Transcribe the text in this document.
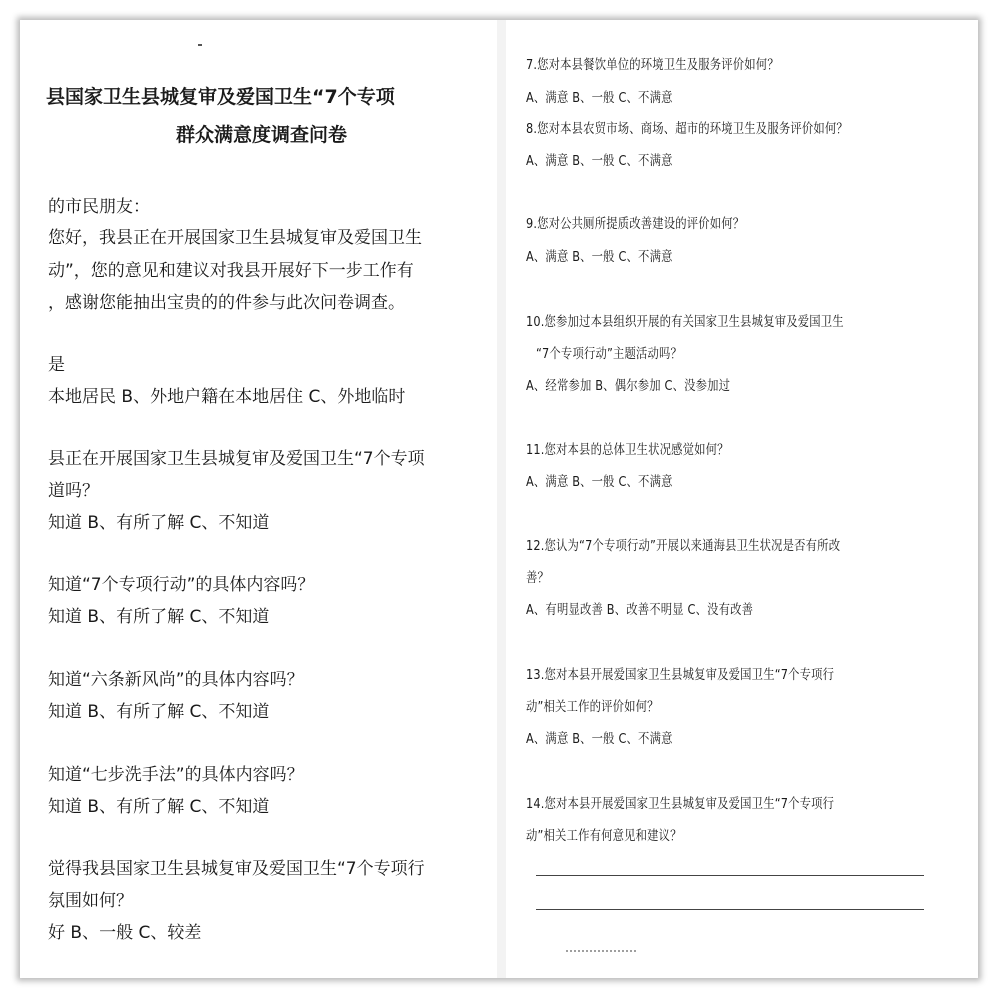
县国家卫生县城复审及爱国卫生“7个专项
群众满意度调查问卷
的市民朋友：
您好，我县正在开展国家卫生县城复审及爱国卫生
动”，您的意见和建议对我县开展好下一步工作有
，感谢您能抽出宝贵的的件参与此次问卷调查。
是
本地居民 B、外地户籍在本地居住 C、外地临时
县正在开展国家卫生县城复审及爱国卫生“7个专项
道吗？
知道 B、有所了解 C、不知道
知道“7个专项行动”的具体内容吗？
知道 B、有所了解 C、不知道
知道“六条新风尚”的具体内容吗？
知道 B、有所了解 C、不知道
知道“七步洗手法”的具体内容吗？
知道 B、有所了解 C、不知道
觉得我县国家卫生县城复审及爱国卫生“7个专项行
氛围如何？
好 B、一般 C、较差
7.您对本县餐饮单位的环境卫生及服务评价如何？
A、满意 B、一般 C、不满意
8.您对本县农贸市场、商场、超市的环境卫生及服务评价如何？
A、满意 B、一般 C、不满意
9.您对公共厕所提质改善建设的评价如何？
A、满意 B、一般 C、不满意
10.您参加过本县组织开展的有关国家卫生县城复审及爱国卫生
“7个专项行动”主题活动吗？
A、经常参加 B、偶尔参加 C、没参加过
11.您对本县的总体卫生状况感觉如何？
A、满意 B、一般 C、不满意
12.您认为“7个专项行动”开展以来通海县卫生状况是否有所改
善？
A、有明显改善 B、改善不明显 C、没有改善
13.您对本县开展爱国家卫生县城复审及爱国卫生“7个专项行
动”相关工作的评价如何？
A、满意 B、一般 C、不满意
14.您对本县开展爱国家卫生县城复审及爱国卫生“7个专项行
动”相关工作有何意见和建议？
